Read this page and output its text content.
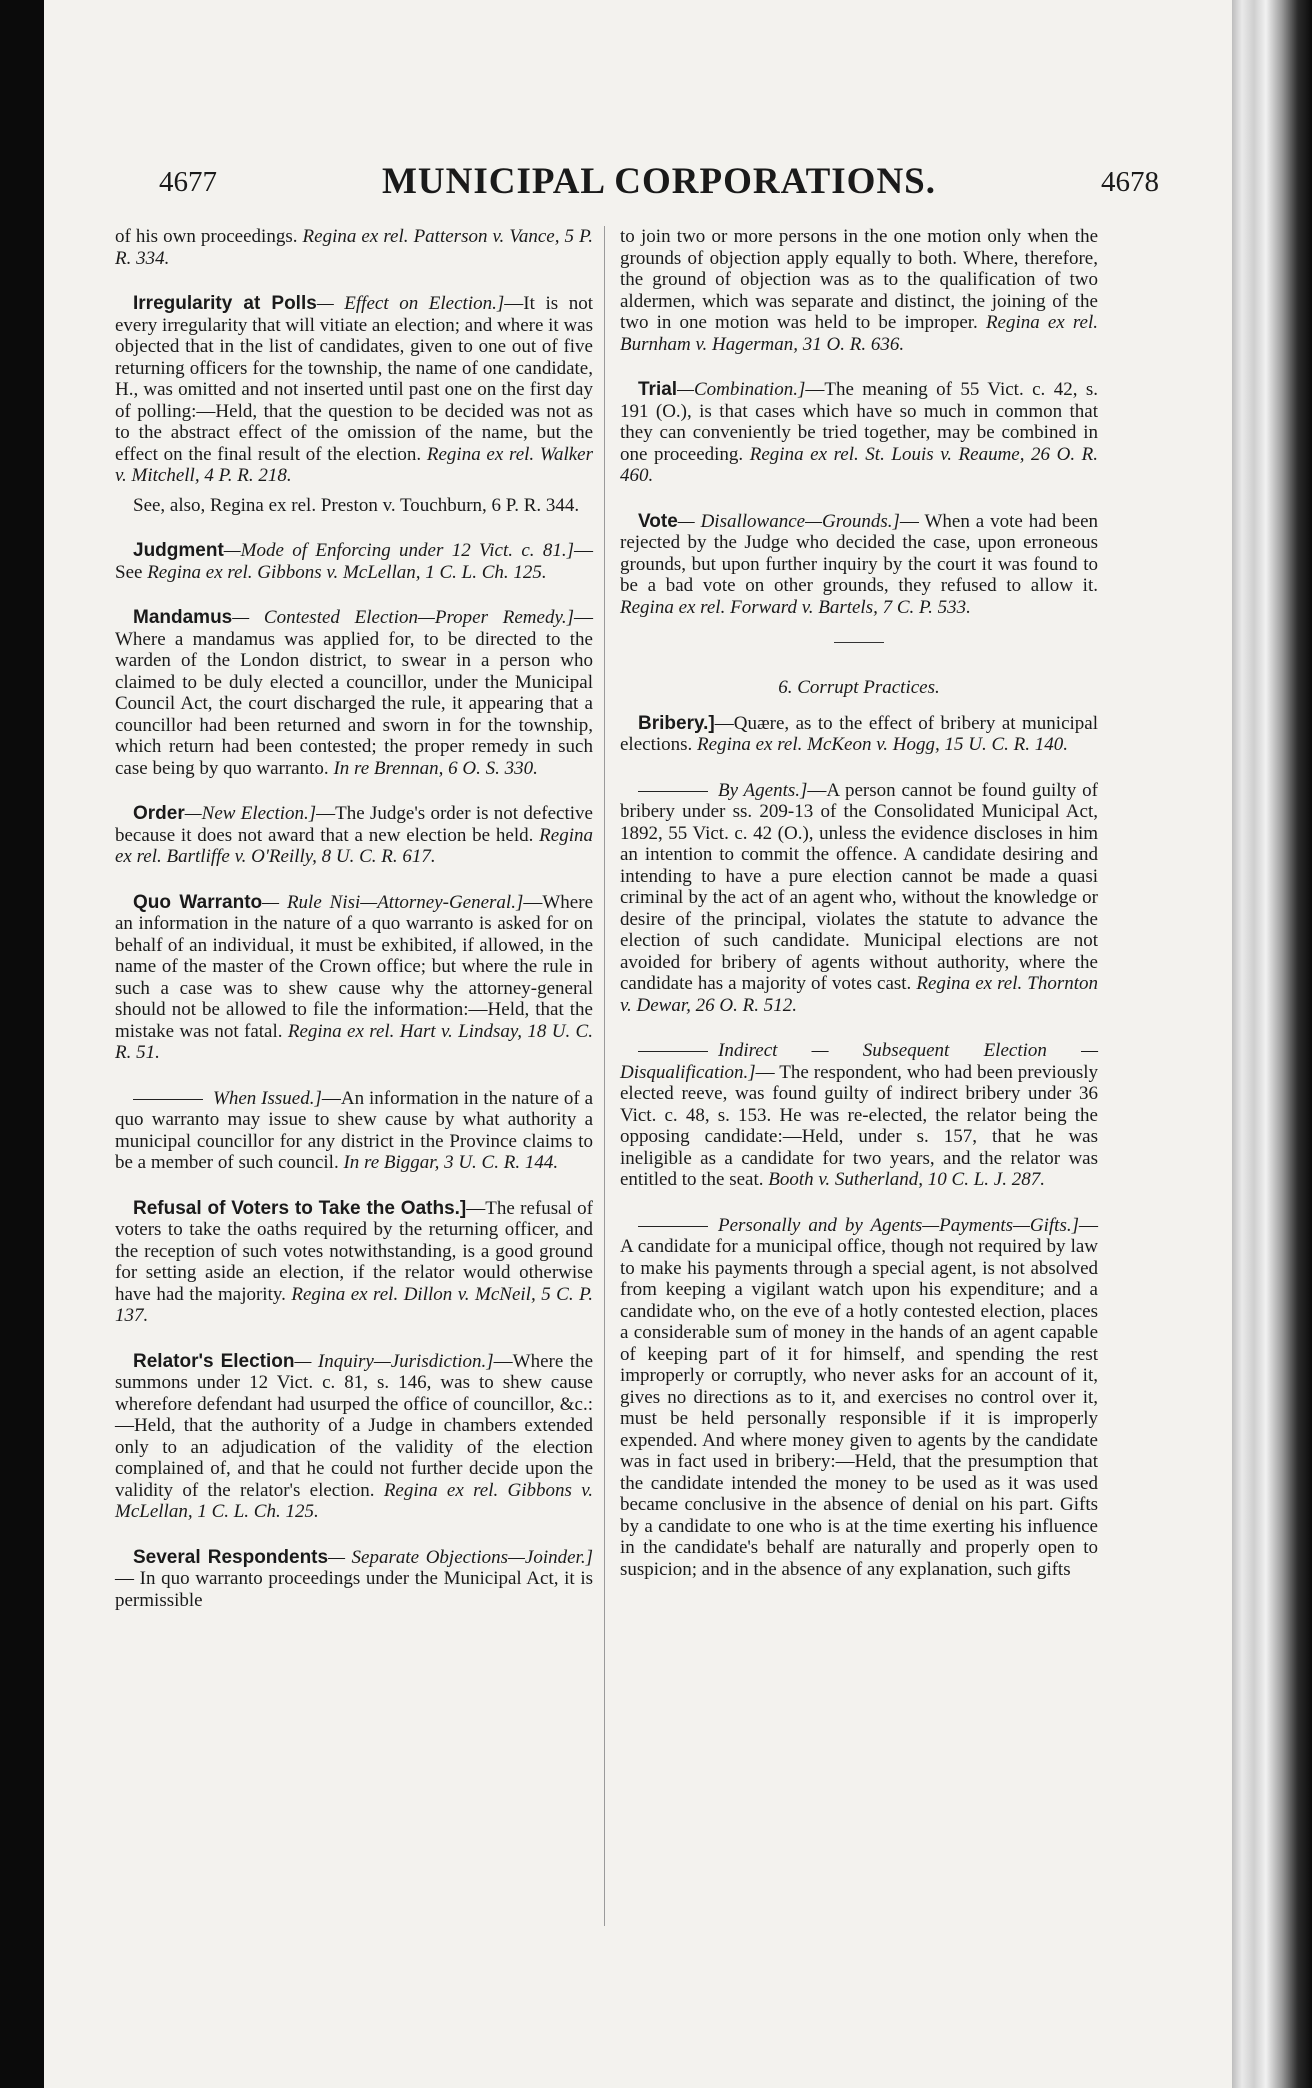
4677	MUNICIPAL CORPORATIONS.	4678
of his own proceedings. Regina ex rel. Patterson v. Vance, 5 P. R. 334.
Irregularity at Polls— Effect on Election.]—It is not every irregularity that will vitiate an election; and where it was objected that in the list of candidates, given to one out of five returning officers for the township, the name of one candidate, H., was omitted and not inserted until past one on the first day of polling:—Held, that the question to be decided was not as to the abstract effect of the omission of the name, but the effect on the final result of the election. Regina ex rel. Walker v. Mitchell, 4 P. R. 218.
See, also, Regina ex rel. Preston v. Touchburn, 6 P. R. 344.
Judgment—Mode of Enforcing under 12 Vict. c. 81.]—See Regina ex rel. Gibbons v. McLellan, 1 C. L. Ch. 125.
Mandamus— Contested Election—Proper Remedy.]—Where a mandamus was applied for, to be directed to the warden of the London district, to swear in a person who claimed to be duly elected a councillor, under the Municipal Council Act, the court discharged the rule, it appearing that a councillor had been returned and sworn in for the township, which return had been contested; the proper remedy in such case being by quo warranto. In re Brennan, 6 O. S. 330.
Order—New Election.]—The Judge's order is not defective because it does not award that a new election be held. Regina ex rel. Bartliffe v. O'Reilly, 8 U. C. R. 617.
Quo Warranto— Rule Nisi—Attorney-General.]—Where an information in the nature of a quo warranto is asked for on behalf of an individual, it must be exhibited, if allowed, in the name of the master of the Crown office; but where the rule in such a case was to shew cause why the attorney-general should not be allowed to file the information:—Held, that the mistake was not fatal. Regina ex rel. Hart v. Lindsay, 18 U. C. R. 51.
When Issued.]—An information in the nature of a quo warranto may issue to shew cause by what authority a municipal councillor for any district in the Province claims to be a member of such council. In re Biggar, 3 U. C. R. 144.
Refusal of Voters to Take the Oaths.]—The refusal of voters to take the oaths required by the returning officer, and the reception of such votes notwithstanding, is a good ground for setting aside an election, if the relator would otherwise have had the majority. Regina ex rel. Dillon v. McNeil, 5 C. P. 137.
Relator's Election— Inquiry—Jurisdiction.]—Where the summons under 12 Vict. c. 81, s. 146, was to shew cause wherefore defendant had usurped the office of councillor, &c.:—Held, that the authority of a Judge in chambers extended only to an adjudication of the validity of the election complained of, and that he could not further decide upon the validity of the relator's election. Regina ex rel. Gibbons v. McLellan, 1 C. L. Ch. 125.
Several Respondents— Separate Objections—Joinder.]— In quo warranto proceedings under the Municipal Act, it is permissible
to join two or more persons in the one motion only when the grounds of objection apply equally to both. Where, therefore, the ground of objection was as to the qualification of two aldermen, which was separate and distinct, the joining of the two in one motion was held to be improper. Regina ex rel. Burnham v. Hagerman, 31 O. R. 636.
Trial—Combination.]—The meaning of 55 Vict. c. 42, s. 191 (O.), is that cases which have so much in common that they can conveniently be tried together, may be combined in one proceeding. Regina ex rel. St. Louis v. Reaume, 26 O. R. 460.
Vote— Disallowance—Grounds.]— When a vote had been rejected by the Judge who decided the case, upon erroneous grounds, but upon further inquiry by the court it was found to be a bad vote on other grounds, they refused to allow it. Regina ex rel. Forward v. Bartels, 7 C. P. 533.
6. Corrupt Practices.
Bribery.]—Quære, as to the effect of bribery at municipal elections. Regina ex rel. McKeon v. Hogg, 15 U. C. R. 140.
By Agents.]—A person cannot be found guilty of bribery under ss. 209-13 of the Consolidated Municipal Act, 1892, 55 Vict. c. 42 (O.), unless the evidence discloses in him an intention to commit the offence. A candidate desiring and intending to have a pure election cannot be made a quasi criminal by the act of an agent who, without the knowledge or desire of the principal, violates the statute to advance the election of such candidate. Municipal elections are not avoided for bribery of agents without authority, where the candidate has a majority of votes cast. Regina ex rel. Thornton v. Dewar, 26 O. R. 512.
Indirect — Subsequent Election — Disqualification.]— The respondent, who had been previously elected reeve, was found guilty of indirect bribery under 36 Vict. c. 48, s. 153. He was re-elected, the relator being the opposing candidate:—Held, under s. 157, that he was ineligible as a candidate for two years, and the relator was entitled to the seat. Booth v. Sutherland, 10 C. L. J. 287.
Personally and by Agents—Payments—Gifts.]—A candidate for a municipal office, though not required by law to make his payments through a special agent, is not absolved from keeping a vigilant watch upon his expenditure; and a candidate who, on the eve of a hotly contested election, places a considerable sum of money in the hands of an agent capable of keeping part of it for himself, and spending the rest improperly or corruptly, who never asks for an account of it, gives no directions as to it, and exercises no control over it, must be held personally responsible if it is improperly expended. And where money given to agents by the candidate was in fact used in bribery:—Held, that the presumption that the candidate intended the money to be used as it was used became conclusive in the absence of denial on his part. Gifts by a candidate to one who is at the time exerting his influence in the candidate's behalf are naturally and properly open to suspicion; and in the absence of any explanation, such gifts
